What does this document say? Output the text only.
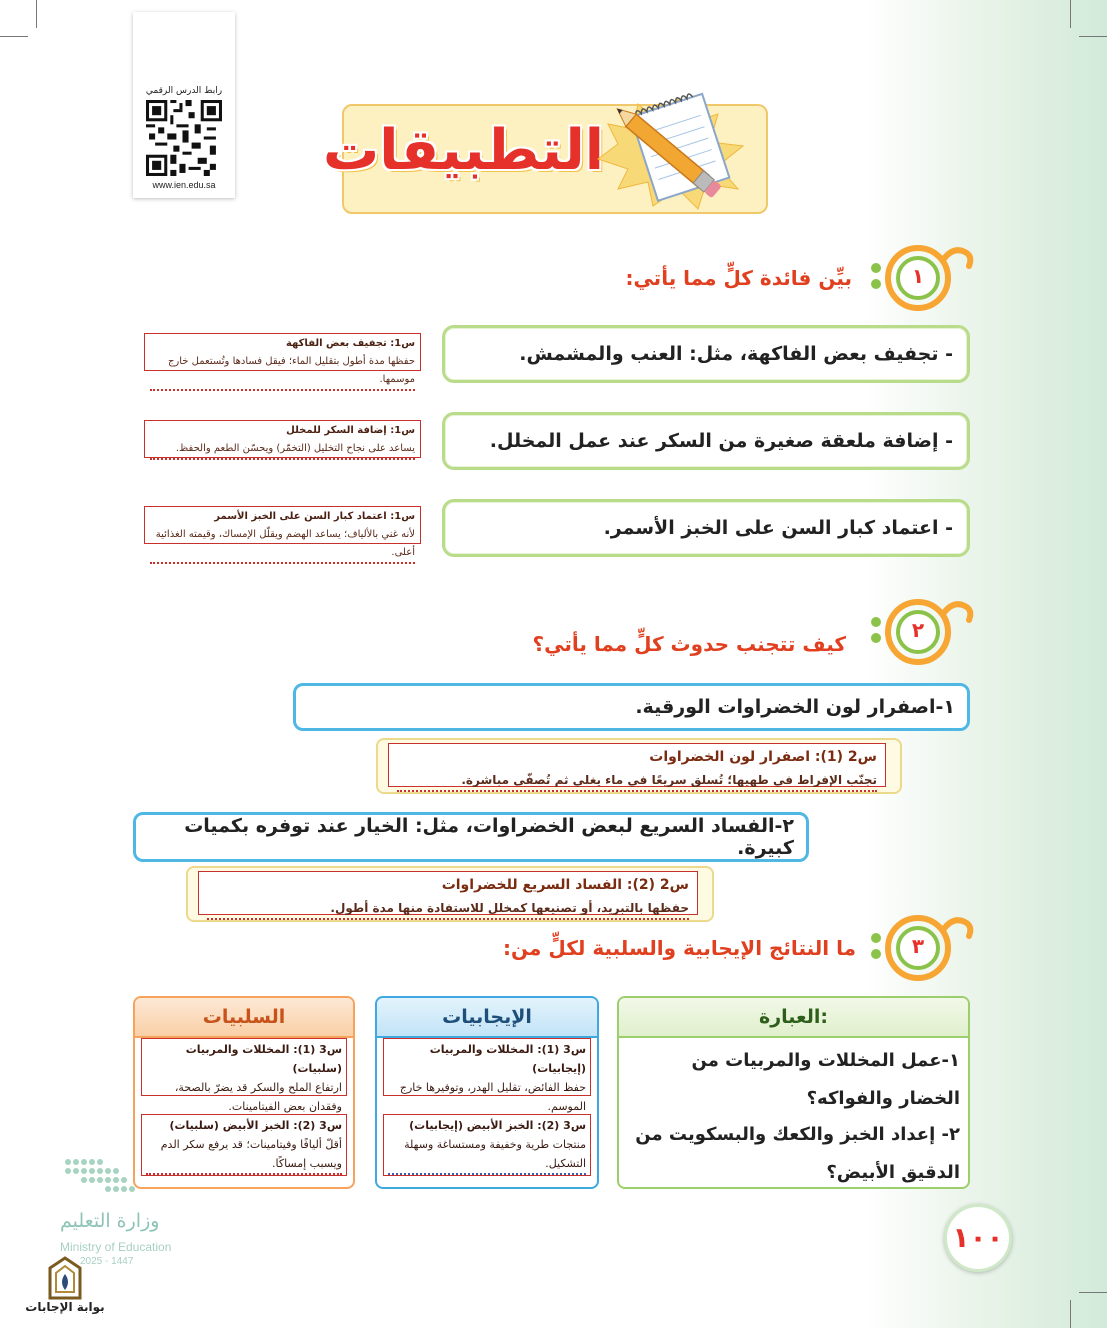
رابط الدرس الرقمي
www.ien.edu.sa
التطبيقات
١
بيِّن فائدة كلٍّ مما يأتي:
- تجفيف بعض الفاكهة، مثل: العنب والمشمش.
س1: تجفيف بعض الفاكهة
حفظها مدة أطول بتقليل الماء؛ فيقل فسادها وتُستعمل خارج موسمها.
- إضافة ملعقة صغيرة من السكر عند عمل المخلل.
س1: إضافة السكر للمخلل
يساعد على نجاح التخليل (التخمّر) ويحسّن الطعم والحفظ.
- اعتماد كبار السن على الخبز الأسمر.
س1: اعتماد كبار السن على الخبز الأسمر
لأنه غني بالألياف؛ يساعد الهضم ويقلّل الإمساك، وقيمته الغذائية أعلى.
٢
كيف تتجنب حدوث كلٍّ مما يأتي؟
١-اصفرار لون الخضراوات الورقية.
س2 (1): اصفرار لون الخضراوات
تجنّب الإفراط في طهيها؛ تُسلق سريعًا في ماء يغلي ثم تُصفّى مباشرة.
٢-الفساد السريع لبعض الخضراوات، مثل: الخيار عند توفره بكميات كبيرة.
س2 (2): الفساد السريع للخضراوات
حفظها بالتبريد، أو تصنيعها كمخلل للاستفادة منها مدة أطول.
٣
ما النتائج الإيجابية والسلبية لكلٍّ من:
العبارة:
١-عمل المخللات والمربيات من الخضار والفواكه؟
٢- إعداد الخبز والكعك والبسكويت من الدقيق الأبيض؟
الإيجابيات
س3 (1): المخللات والمربيات (إيجابيات)
حفظ الفائض، تقليل الهدر، وتوفيرها خارج الموسم.
س3 (2): الخبز الأبيض (إيجابيات)
منتجات طرية وخفيفة ومستساغة وسهلة التشكيل.
السلبيات
س3 (1): المخللات والمربيات (سلبيات)
ارتفاع الملح والسكر قد يضرّ بالصحة، وفقدان بعض الفيتامينات.
س3 (2): الخبز الأبيض (سلبيات)
أقلّ أليافًا وفيتامينات؛ قد يرفع سكر الدم ويسبب إمساكًا.
وزارة التعليم
Ministry of Education
2025 - 1447
بوابة الإجابات
١٠٠
